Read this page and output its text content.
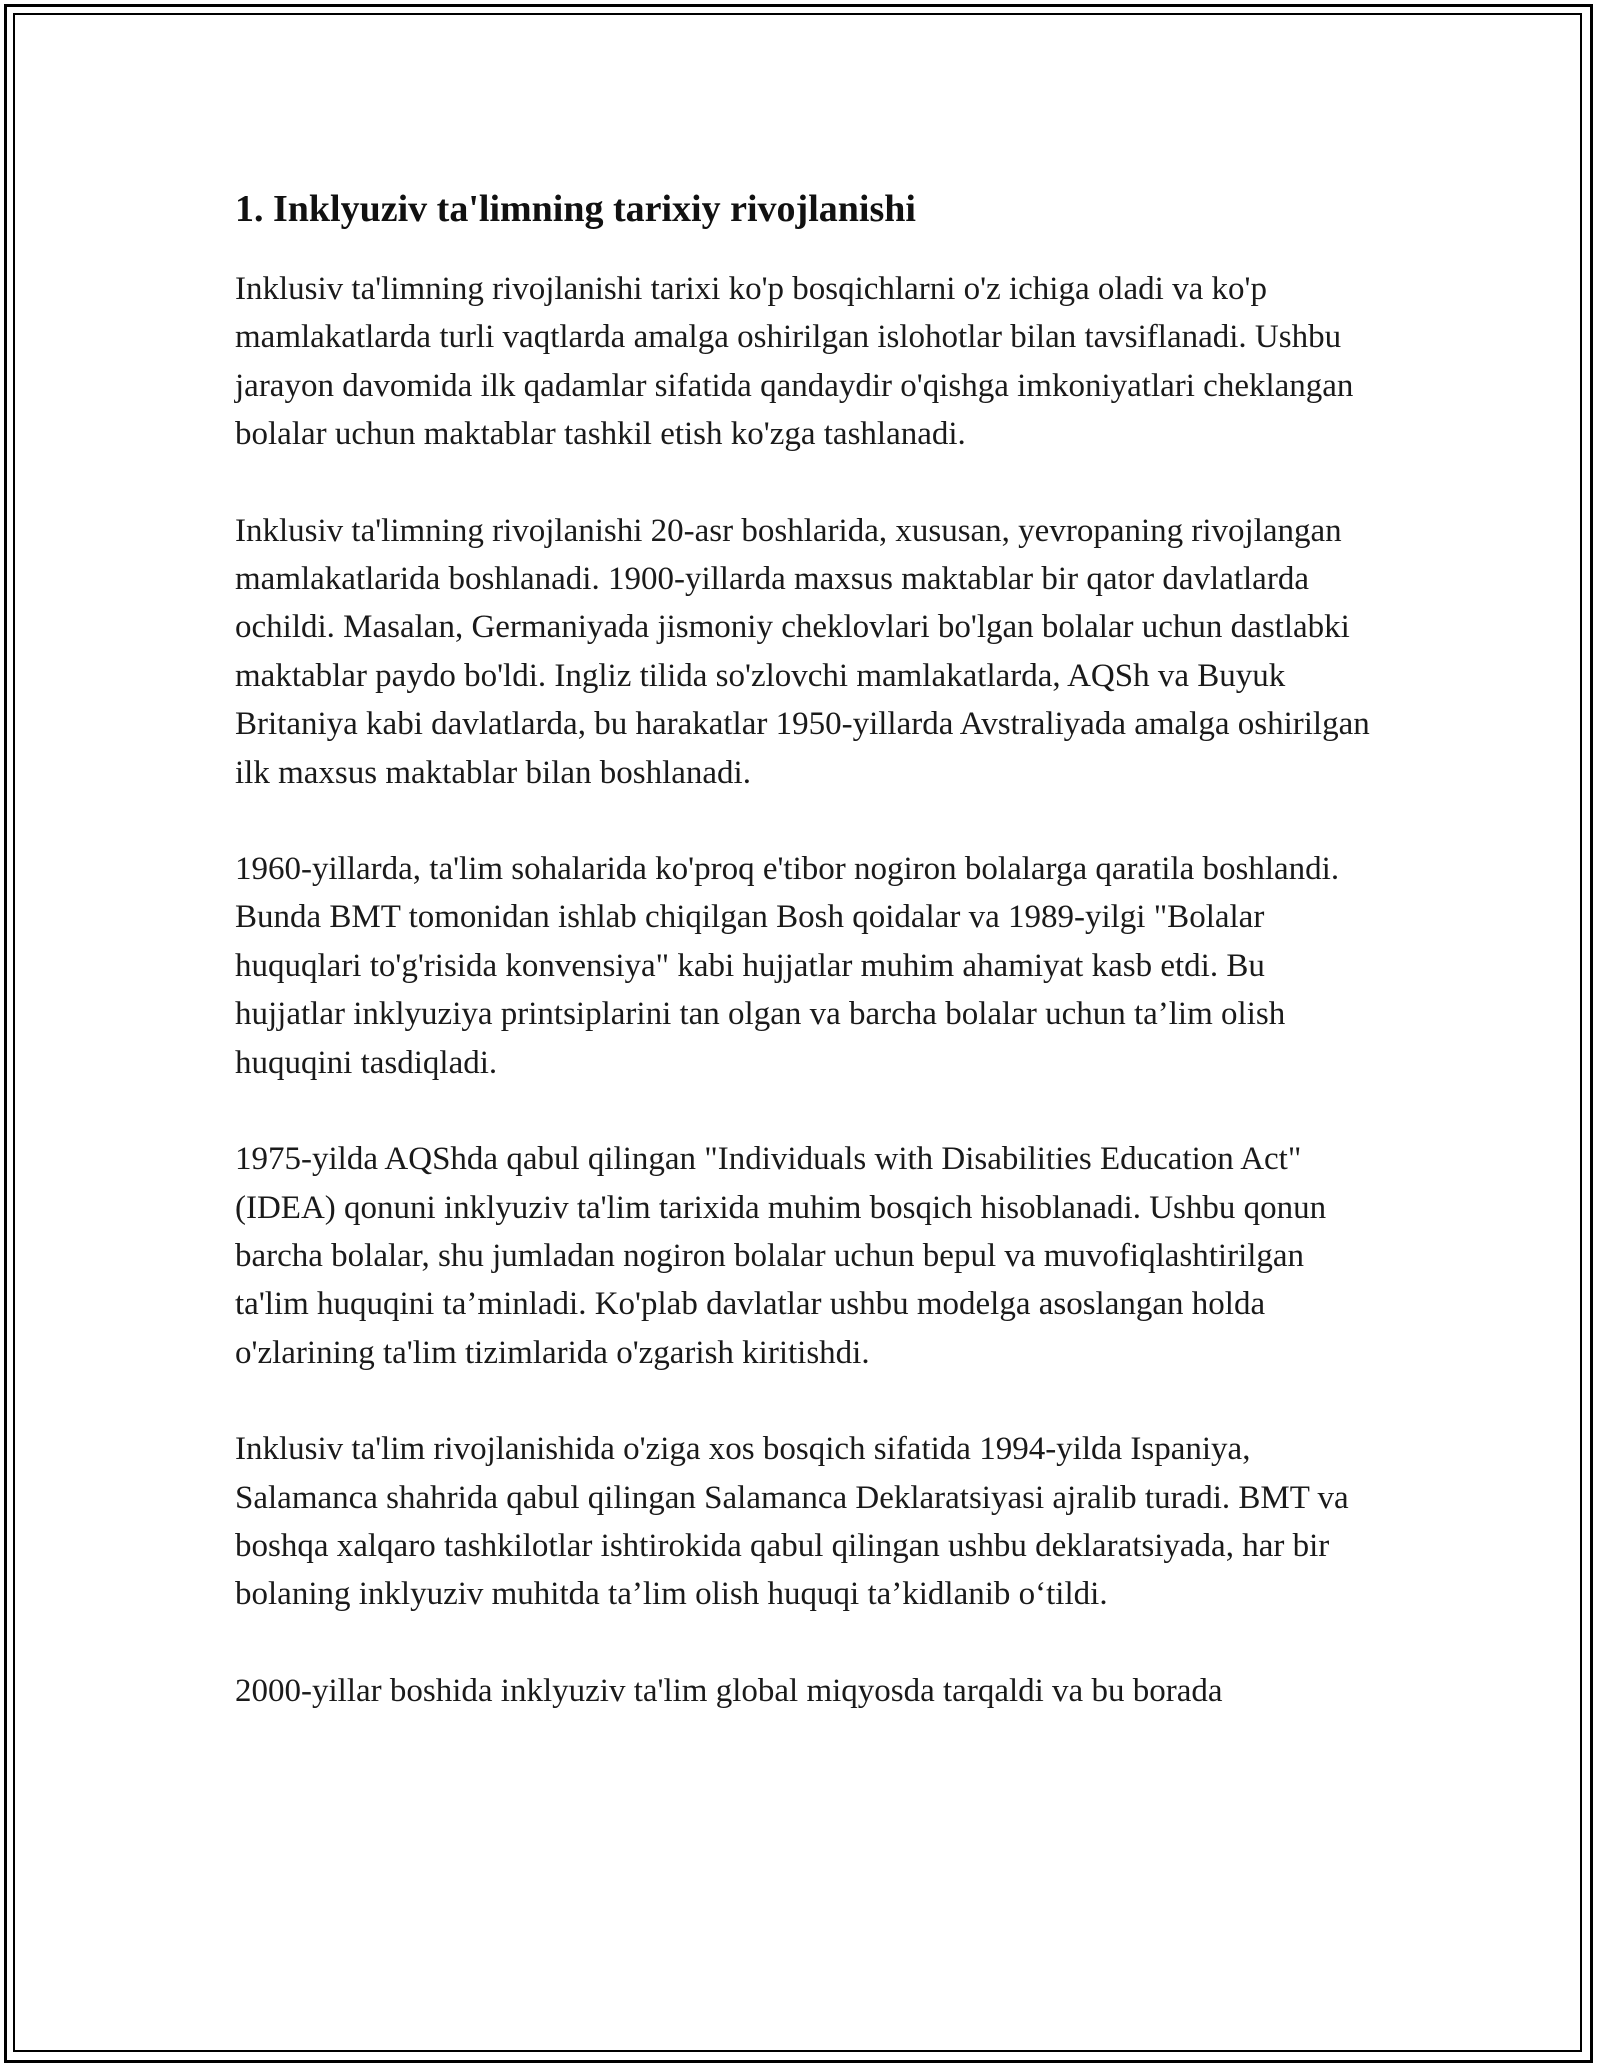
1. Inklyuziv ta'limning tarixiy rivojlanishi

Inklusiv ta'limning rivojlanishi tarixi ko'p bosqichlarni o'z ichiga oladi va ko'p mamlakatlarda turli vaqtlarda amalga oshirilgan islohotlar bilan tavsiflanadi. Ushbu jarayon davomida ilk qadamlar sifatida qandaydir o'qishga imkoniyatlari cheklangan bolalar uchun maktablar tashkil etish ko'zga tashlanadi.

Inklusiv ta'limning rivojlanishi 20-asr boshlarida, xususan, yevropaning rivojlangan mamlakatlarida boshlanadi. 1900-yillarda maxsus maktablar bir qator davlatlarda ochildi. Masalan, Germaniyada jismoniy cheklovlari bo'lgan bolalar uchun dastlabki maktablar paydo bo'ldi. Ingliz tilida so'zlovchi mamlakatlarda, AQSh va Buyuk Britaniya kabi davlatlarda, bu harakatlar 1950-yillarda Avstraliyada amalga oshirilgan ilk maxsus maktablar bilan boshlanadi.

1960-yillarda, ta'lim sohalarida ko'proq e'tibor nogiron bolalarga qaratila boshlandi. Bunda BMT tomonidan ishlab chiqilgan Bosh qoidalar va 1989-yilgi "Bolalar huquqlari to'g'risida konvensiya" kabi hujjatlar muhim ahamiyat kasb etdi. Bu hujjatlar inklyuziya printsiplarini tan olgan va barcha bolalar uchun ta’lim olish huquqini tasdiqladi.

1975-yilda AQShda qabul qilingan "Individuals with Disabilities Education Act" (IDEA) qonuni inklyuziv ta'lim tarixida muhim bosqich hisoblanadi. Ushbu qonun barcha bolalar, shu jumladan nogiron bolalar uchun bepul va muvofiqlashtirilgan ta'lim huquqini ta’minladi. Ko'plab davlatlar ushbu modelga asoslangan holda o'zlarining ta'lim tizimlarida o'zgarish kiritishdi.

Inklusiv ta'lim rivojlanishida o'ziga xos bosqich sifatida 1994-yilda Ispaniya, Salamanca shahrida qabul qilingan Salamanca Deklaratsiyasi ajralib turadi. BMT va boshqa xalqaro tashkilotlar ishtirokida qabul qilingan ushbu deklaratsiyada, har bir bolaning inklyuziv muhitda ta’lim olish huquqi ta’kidlanib o‘tildi.

2000-yillar boshida inklyuziv ta'lim global miqyosda tarqaldi va bu borada
